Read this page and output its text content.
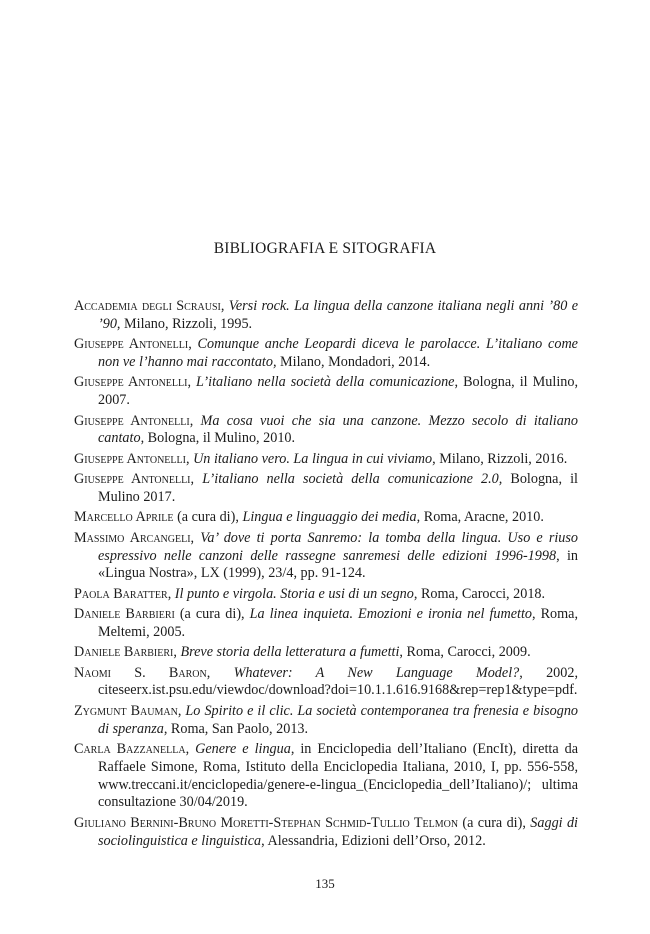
BIBLIOGRAFIA E SITOGRAFIA

Accademia degli Scrausi, Versi rock. La lingua della canzone italiana negli anni ’80 e ’90, Milano, Rizzoli, 1995.

Giuseppe Antonelli, Comunque anche Leopardi diceva le parolacce. L’italiano come non ve l’hanno mai raccontato, Milano, Mondadori, 2014.

Giuseppe Antonelli, L’italiano nella società della comunicazione, Bologna, il Mulino, 2007.

Giuseppe Antonelli, Ma cosa vuoi che sia una canzone. Mezzo secolo di italiano cantato, Bologna, il Mulino, 2010.

Giuseppe Antonelli, Un italiano vero. La lingua in cui viviamo, Milano, Rizzoli, 2016.

Giuseppe Antonelli, L’italiano nella società della comunicazione 2.0, Bologna, il Mulino 2017.

Marcello Aprile (a cura di), Lingua e linguaggio dei media, Roma, Aracne, 2010.

Massimo Arcangeli, Va’ dove ti porta Sanremo: la tomba della lingua. Uso e riuso espressivo nelle canzoni delle rassegne sanremesi delle edizioni 1996-1998, in «Lingua Nostra», LX (1999), 23/4, pp. 91-124.

Paola Baratter, Il punto e virgola. Storia e usi di un segno, Roma, Carocci, 2018.

Daniele Barbieri (a cura di), La linea inquieta. Emozioni e ironia nel fumetto, Roma, Meltemi, 2005.

Daniele Barbieri, Breve storia della letteratura a fumetti, Roma, Carocci, 2009.

Naomi S. Baron, Whatever: A New Language Model?, 2002, citeseerx.ist.psu.edu/viewdoc/download?doi=10.1.1.616.9168&rep=rep1&type=pdf.

Zygmunt Bauman, Lo Spirito e il clic. La società contemporanea tra frenesia e bisogno di speranza, Roma, San Paolo, 2013.

Carla Bazzanella, Genere e lingua, in Enciclopedia dell’Italiano (EncIt), diretta da Raffaele Simone, Roma, Istituto della Enciclopedia Italiana, 2010, I, pp. 556-558, www.treccani.it/enciclopedia/genere-e-lingua_(Enciclopedia_dell’Italiano)/; ultima consultazione 30/04/2019.

Giuliano Bernini-Bruno Moretti-Stephan Schmid-Tullio Telmon (a cura di), Saggi di sociolinguistica e linguistica, Alessandria, Edizioni dell’Orso, 2012.

135
